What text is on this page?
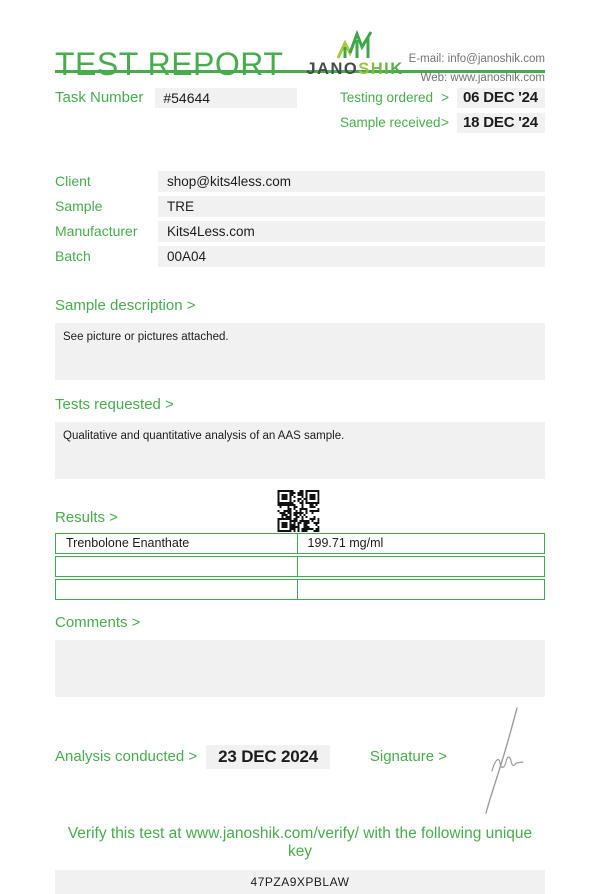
TEST REPORT JANOSHIK
E-mail: info@janoshik.com
Web: www.janoshik.com
Task Number	#54644	Testing ordered > 06 DEC '24
Sample received > 18 DEC '24
Client	shop@kits4less.com
Sample	TRE
Manufacturer	Kits4Less.com
Batch	00A04
Sample description >
See picture or pictures attached.
Tests requested >
Qualitative and quantitative analysis of an AAS sample.
Results >
Trenbolone Enanthate	199.71 mg/ml
Comments >
Analysis conducted >	23 DEC 2024	Signature >
Verify this test at www.janoshik.com/verify/ with the following unique key
47PZA9XPBLAW
